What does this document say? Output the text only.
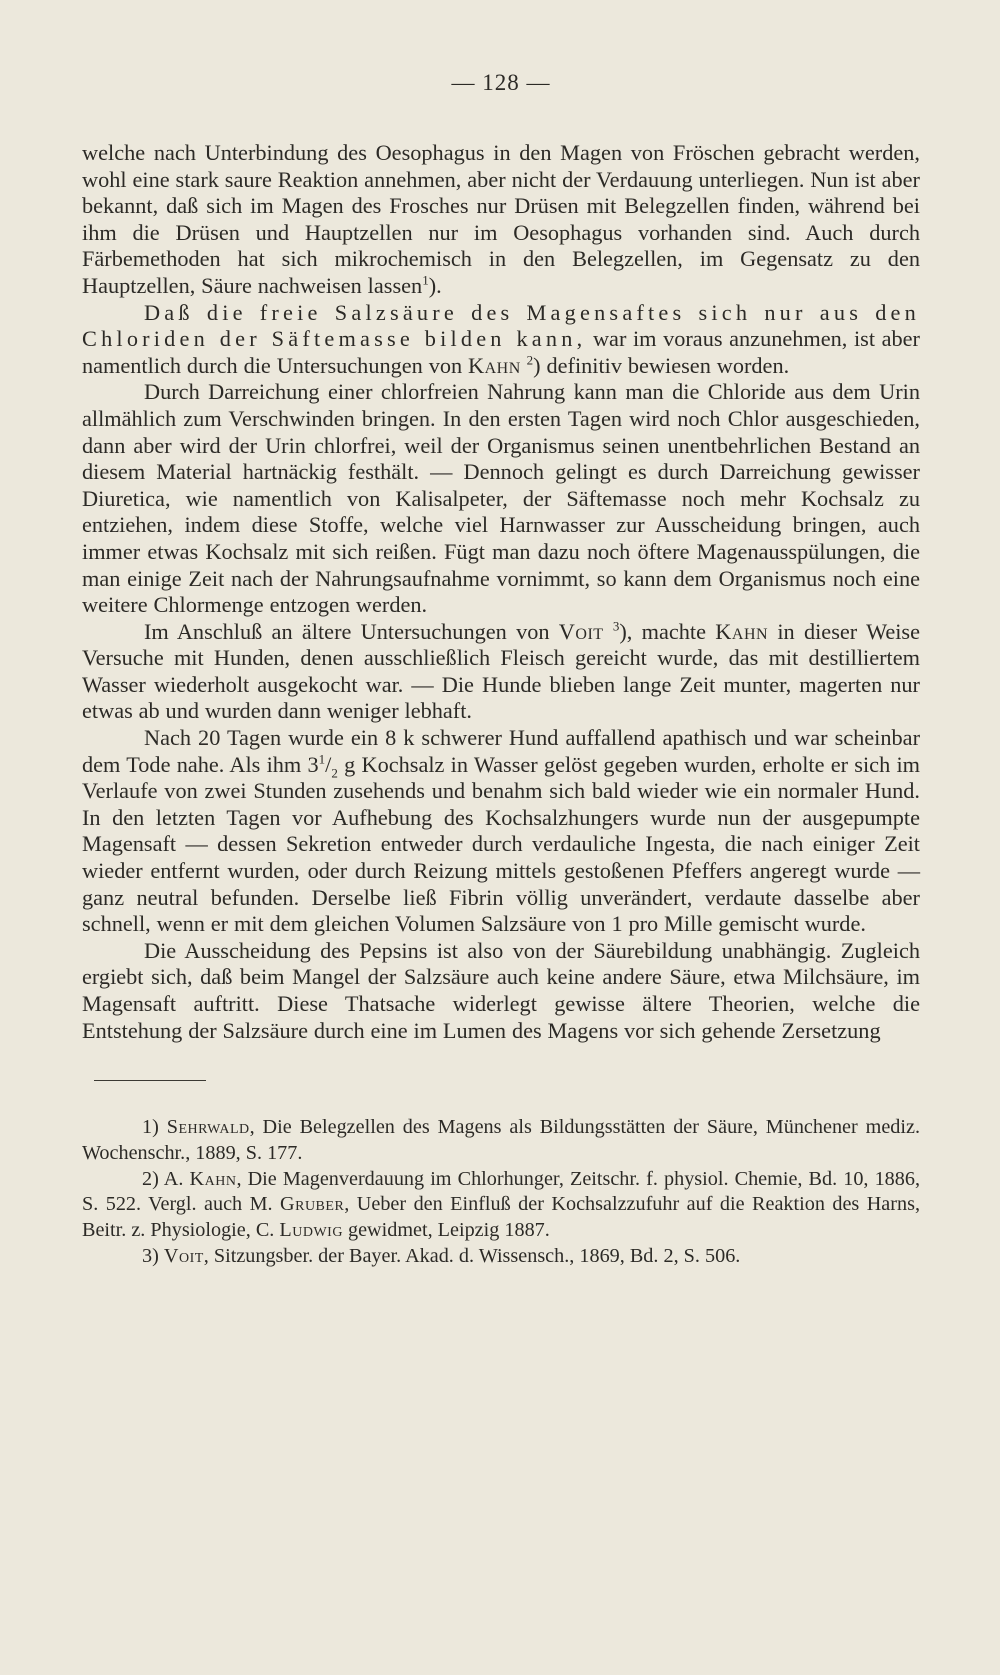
— 128 —

welche nach Unterbindung des Oesophagus in den Magen von Fröschen gebracht werden, wohl eine stark saure Reaktion annehmen, aber nicht der Verdauung unterliegen. Nun ist aber bekannt, daß sich im Magen des Frosches nur Drüsen mit Belegzellen finden, während bei ihm die Drüsen und Hauptzellen nur im Oesophagus vorhanden sind. Auch durch Färbemethoden hat sich mikrochemisch in den Belegzellen, im Gegensatz zu den Hauptzellen, Säure nachweisen lassen$^1$).

Daß die freie Salzsäure des Magensaftes sich nur aus den Chloriden der Säftemasse bilden kann, war im voraus anzunehmen, ist aber namentlich durch die Untersuchungen von Kahn $^2$) definitiv bewiesen worden.

Durch Darreichung einer chlorfreien Nahrung kann man die Chloride aus dem Urin allmählich zum Verschwinden bringen. In den ersten Tagen wird noch Chlor ausgeschieden, dann aber wird der Urin chlorfrei, weil der Organismus seinen unentbehrlichen Bestand an diesem Material hartnäckig festhält. — Dennoch gelingt es durch Darreichung gewisser Diuretica, wie namentlich von Kalisalpeter, der Säftemasse noch mehr Kochsalz zu entziehen, indem diese Stoffe, welche viel Harnwasser zur Ausscheidung bringen, auch immer etwas Kochsalz mit sich reißen. Fügt man dazu noch öftere Magenausspülungen, die man einige Zeit nach der Nahrungsaufnahme vornimmt, so kann dem Organismus noch eine weitere Chlormenge entzogen werden.

Im Anschluß an ältere Untersuchungen von Voit $^3$), machte Kahn in dieser Weise Versuche mit Hunden, denen ausschließlich Fleisch gereicht wurde, das mit destilliertem Wasser wiederholt ausgekocht war. — Die Hunde blieben lange Zeit munter, magerten nur etwas ab und wurden dann weniger lebhaft.

Nach 20 Tagen wurde ein 8 k schwerer Hund auffallend apathisch und war scheinbar dem Tode nahe. Als ihm $3^1/_2$ g Kochsalz in Wasser gelöst gegeben wurden, erholte er sich im Verlaufe von zwei Stunden zusehends und benahm sich bald wieder wie ein normaler Hund. In den letzten Tagen vor Aufhebung des Kochsalzhungers wurde nun der ausgepumpte Magensaft — dessen Sekretion entweder durch verdauliche Ingesta, die nach einiger Zeit wieder entfernt wurden, oder durch Reizung mittels gestoßenen Pfeffers angeregt wurde — ganz neutral befunden. Derselbe ließ Fibrin völlig unverändert, verdaute dasselbe aber schnell, wenn er mit dem gleichen Volumen Salzsäure von 1 pro Mille gemischt wurde.

Die Ausscheidung des Pepsins ist also von der Säurebildung unabhängig. Zugleich ergiebt sich, daß beim Mangel der Salzsäure auch keine andere Säure, etwa Milchsäure, im Magensaft auftritt. Diese Thatsache widerlegt gewisse ältere Theorien, welche die Entstehung der Salzsäure durch eine im Lumen des Magens vor sich gehende Zersetzung

1) Sehrwald, Die Belegzellen des Magens als Bildungsstätten der Säure, Münchener mediz. Wochenschr., 1889, S. 177.

2) A. Kahn, Die Magenverdauung im Chlorhunger, Zeitschr. f. physiol. Chemie, Bd. 10, 1886, S. 522. Vergl. auch M. Gruber, Ueber den Einfluß der Kochsalzzufuhr auf die Reaktion des Harns, Beitr. z. Physiologie, C. Ludwig gewidmet, Leipzig 1887.

3) Voit, Sitzungsber. der Bayer. Akad. d. Wissensch., 1869, Bd. 2, S. 506.
